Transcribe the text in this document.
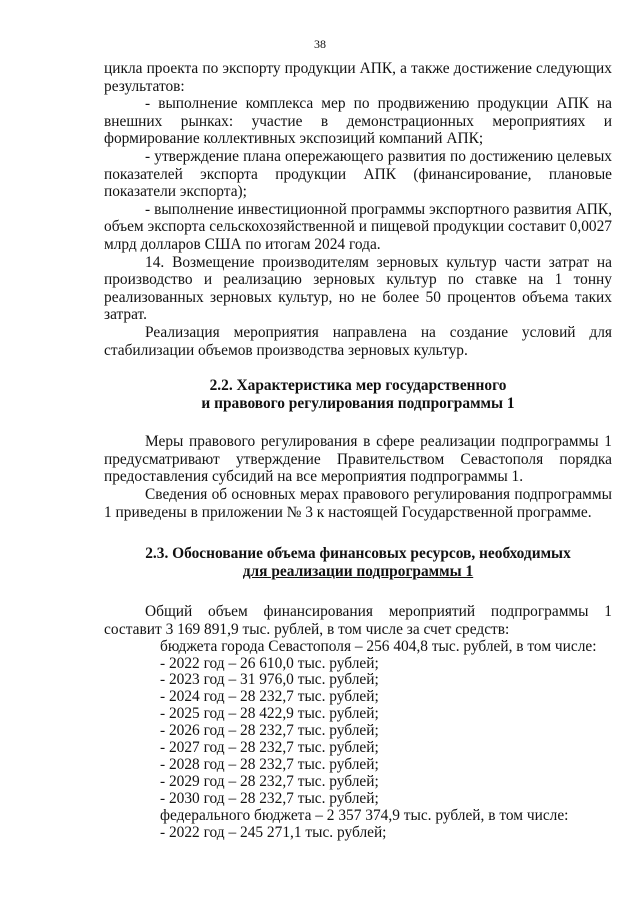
38

цикла проекта по экспорту продукции АПК, а также достижение следующих результатов:

- выполнение комплекса мер по продвижению продукции АПК на внешних рынках: участие в демонстрационных мероприятиях и формирование коллективных экспозиций компаний АПК;

- утверждение плана опережающего развития по достижению целевых показателей экспорта продукции АПК (финансирование, плановые показатели экспорта);

- выполнение инвестиционной программы экспортного развития АПК, объем экспорта сельскохозяйственной и пищевой продукции составит 0,0027 млрд долларов США по итогам 2024 года.

14. Возмещение производителям зерновых культур части затрат на производство и реализацию зерновых культур по ставке на 1 тонну реализованных зерновых культур, но не более 50 процентов объема таких затрат.

Реализация мероприятия направлена на создание условий для стабилизации объемов производства зерновых культур.

2.2. Характеристика мер государственного
и правового регулирования подпрограммы 1

Меры правового регулирования в сфере реализации подпрограммы 1 предусматривают утверждение Правительством Севастополя порядка предоставления субсидий на все мероприятия подпрограммы 1.

Сведения об основных мерах правового регулирования подпрограммы 1 приведены в приложении № 3 к настоящей Государственной программе.

2.3. Обоснование объема финансовых ресурсов, необходимых
для реализации подпрограммы 1

Общий объем финансирования мероприятий подпрограммы 1 составит 3 169 891,9 тыс. рублей, в том числе за счет средств:

бюджета города Севастополя – 256 404,8 тыс. рублей, в том числе:
- 2022 год – 26 610,0 тыс. рублей;
- 2023 год – 31 976,0 тыс. рублей;
- 2024 год – 28 232,7 тыс. рублей;
- 2025 год – 28 422,9 тыс. рублей;
- 2026 год – 28 232,7 тыс. рублей;
- 2027 год – 28 232,7 тыс. рублей;
- 2028 год – 28 232,7 тыс. рублей;
- 2029 год – 28 232,7 тыс. рублей;
- 2030 год – 28 232,7 тыс. рублей;
федерального бюджета – 2 357 374,9 тыс. рублей, в том числе:
- 2022 год – 245 271,1 тыс. рублей;
